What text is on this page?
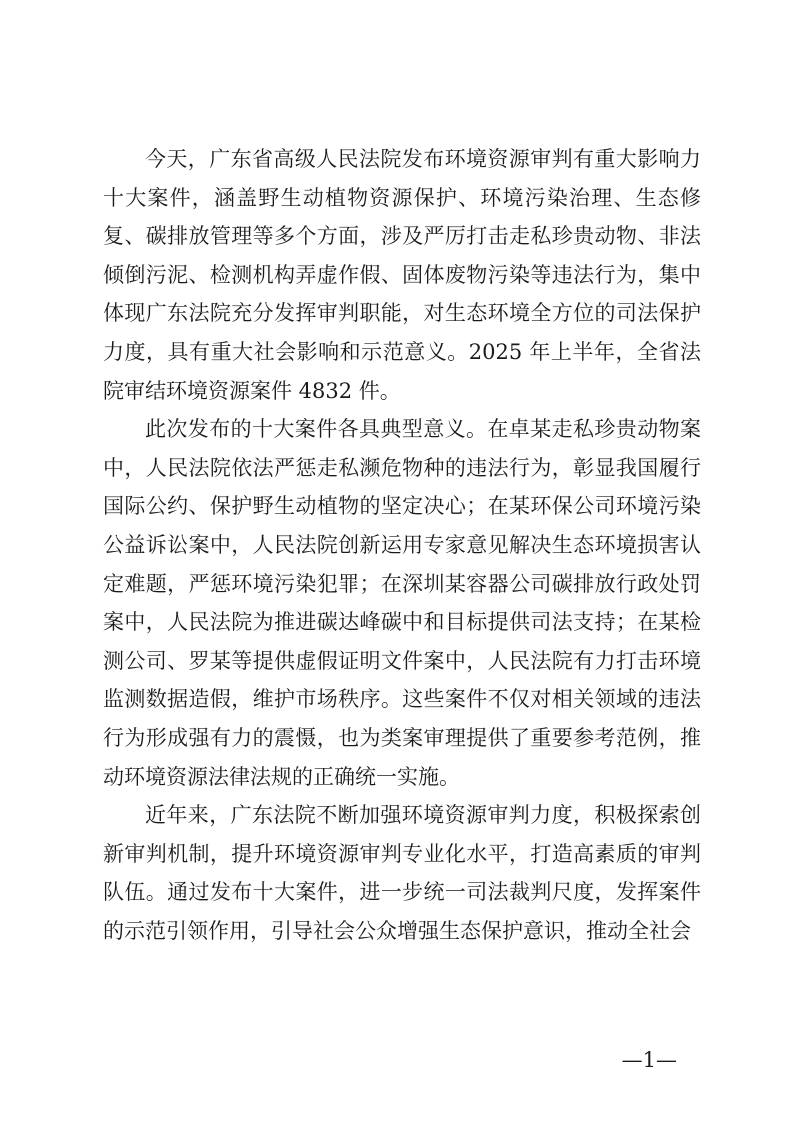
今天，广东省高级人民法院发布环境资源审判有重大影响力十大案件，涵盖野生动植物资源保护、环境污染治理、生态修复、碳排放管理等多个方面，涉及严厉打击走私珍贵动物、非法倾倒污泥、检测机构弄虚作假、固体废物污染等违法行为，集中体现广东法院充分发挥审判职能，对生态环境全方位的司法保护力度，具有重大社会影响和示范意义。2025 年上半年，全省法院审结环境资源案件 4832 件。

此次发布的十大案件各具典型意义。在卓某走私珍贵动物案中，人民法院依法严惩走私濒危物种的违法行为，彰显我国履行国际公约、保护野生动植物的坚定决心；在某环保公司环境污染公益诉讼案中，人民法院创新运用专家意见解决生态环境损害认定难题，严惩环境污染犯罪；在深圳某容器公司碳排放行政处罚案中，人民法院为推进碳达峰碳中和目标提供司法支持；在某检测公司、罗某等提供虚假证明文件案中，人民法院有力打击环境监测数据造假，维护市场秩序。这些案件不仅对相关领域的违法行为形成强有力的震慑，也为类案审理提供了重要参考范例，推动环境资源法律法规的正确统一实施。

近年来，广东法院不断加强环境资源审判力度，积极探索创新审判机制，提升环境资源审判专业化水平，打造高素质的审判队伍。通过发布十大案件，进一步统一司法裁判尺度，发挥案件的示范引领作用，引导社会公众增强生态保护意识，推动全社会

—1—
